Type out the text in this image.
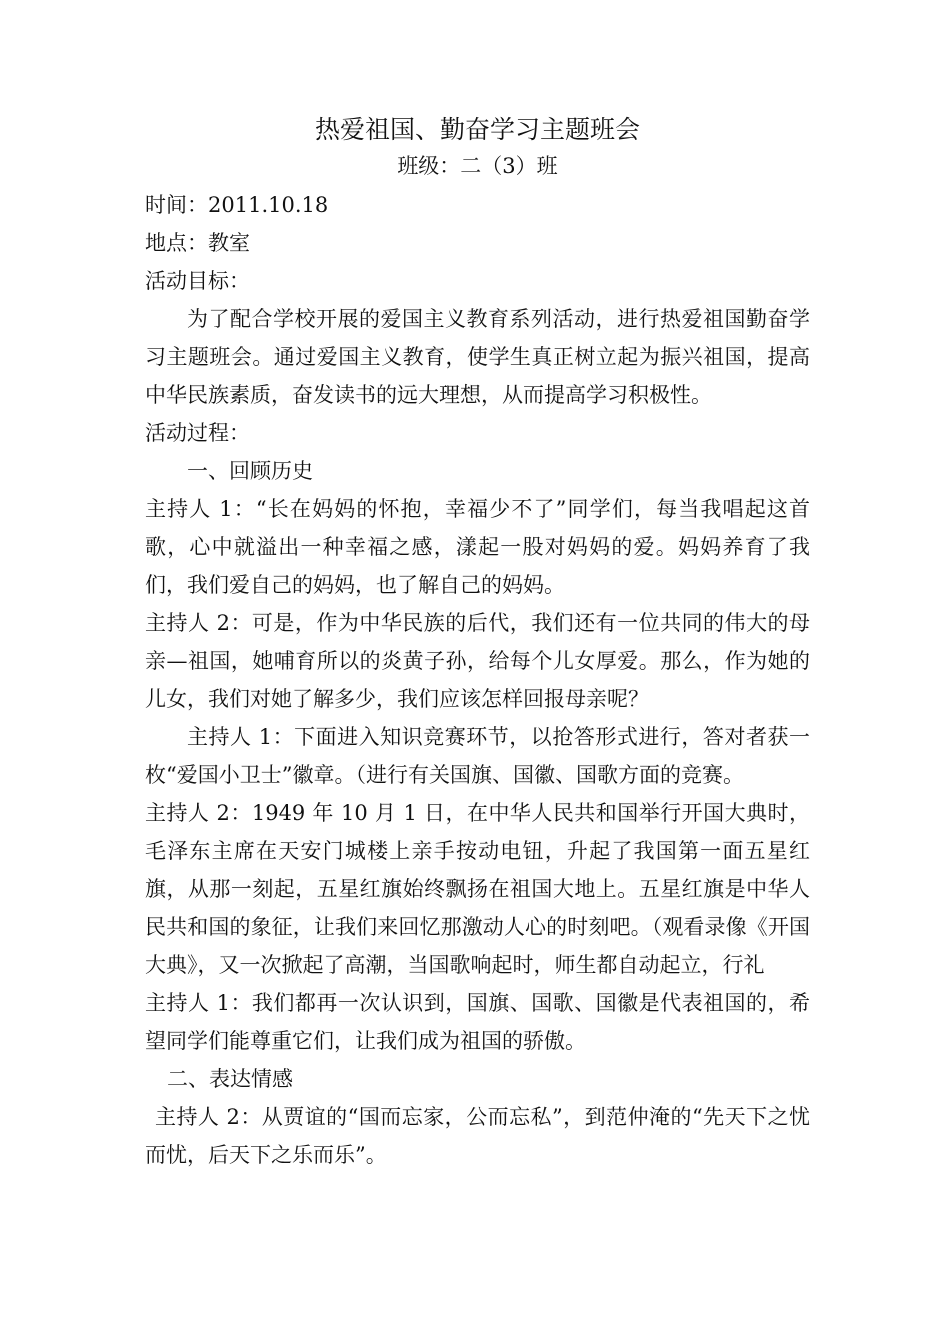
热爱祖国、勤奋学习主题班会

班级：二（3）班

时间：2011.10.18

地点：教室

活动目标：

为了配合学校开展的爱国主义教育系列活动，进行热爱祖国勤奋学习主题班会。通过爱国主义教育，使学生真正树立起为振兴祖国，提高中华民族素质，奋发读书的远大理想，从而提高学习积极性。

活动过程：

一、回顾历史

主持人 1：“长在妈妈的怀抱，幸福少不了”同学们，每当我唱起这首歌，心中就溢出一种幸福之感，漾起一股对妈妈的爱。妈妈养育了我们，我们爱自己的妈妈，也了解自己的妈妈。

主持人 2：可是，作为中华民族的后代，我们还有一位共同的伟大的母亲—祖国，她哺育所以的炎黄子孙，给每个儿女厚爱。那么，作为她的儿女，我们对她了解多少，我们应该怎样回报母亲呢？

主持人 1：下面进入知识竞赛环节，以抢答形式进行，答对者获一枚“爱国小卫士”徽章。（进行有关国旗、国徽、国歌方面的竞赛。

主持人 2：1949 年 10 月 1 日，在中华人民共和国举行开国大典时，毛泽东主席在天安门城楼上亲手按动电钮，升起了我国第一面五星红旗，从那一刻起，五星红旗始终飘扬在祖国大地上。五星红旗是中华人民共和国的象征，让我们来回忆那激动人心的时刻吧。（观看录像《开国大典》，又一次掀起了高潮，当国歌响起时，师生都自动起立，行礼

主持人 1：我们都再一次认识到，国旗、国歌、国徽是代表祖国的，希望同学们能尊重它们，让我们成为祖国的骄傲。

二、表达情感

主持人 2：从贾谊的“国而忘家，公而忘私”，到范仲淹的“先天下之忧而忧，后天下之乐而乐”。
